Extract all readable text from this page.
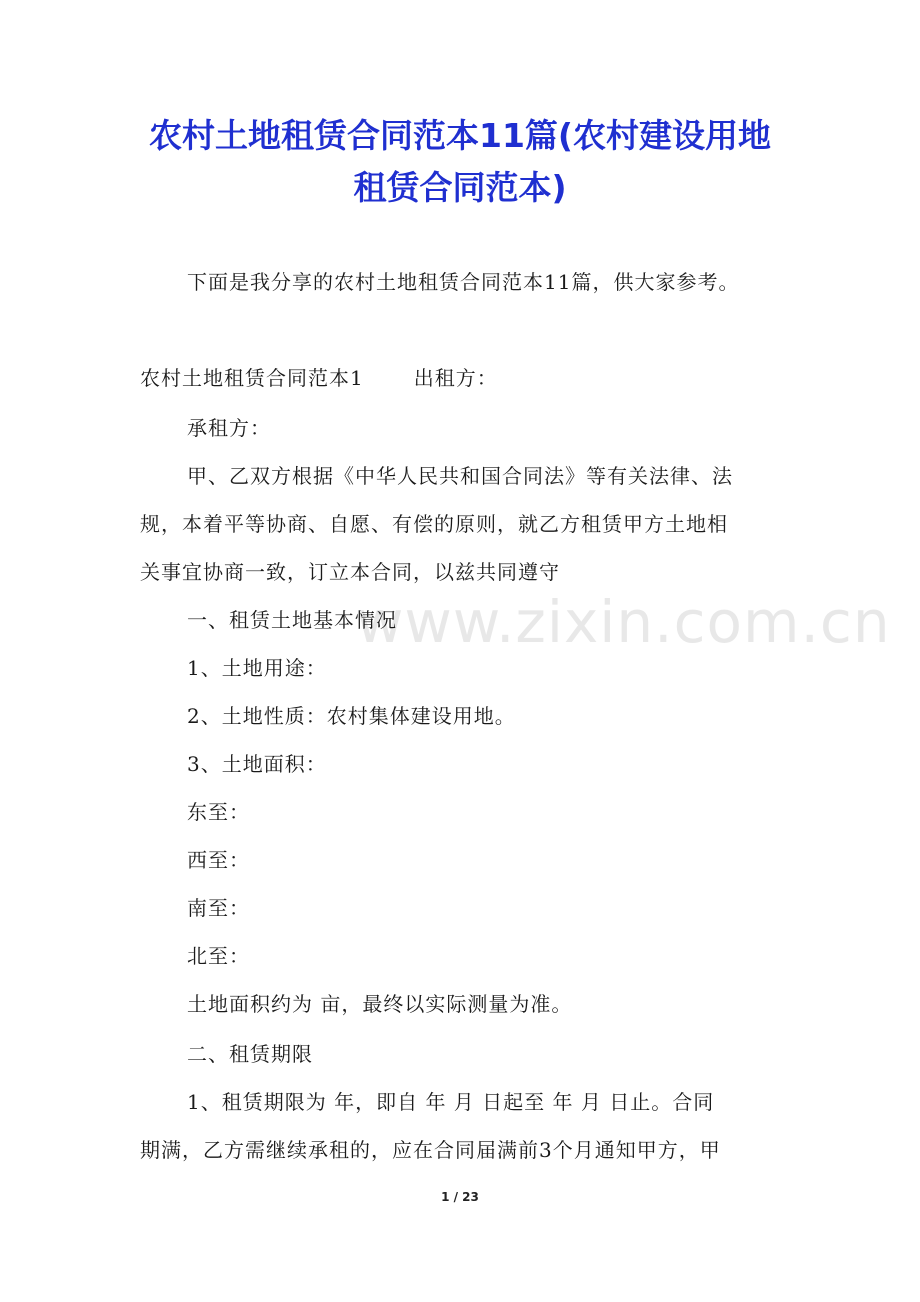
农村土地租赁合同范本11篇(农村建设用地
租赁合同范本)
www.zixin.com.cn
下面是我分享的农村土地租赁合同范本11篇，供大家参考。
农村土地租赁合同范本1	出租方：
承租方：
甲、乙双方根据《中华人民共和国合同法》等有关法律、法
规，本着平等协商、自愿、有偿的原则，就乙方租赁甲方土地相
关事宜协商一致，订立本合同，以兹共同遵守
一、租赁土地基本情况
1、土地用途：
2、土地性质：农村集体建设用地。
3、土地面积：
东至：
西至：
南至：
北至：
土地面积约为 亩，最终以实际测量为准。
二、租赁期限
1、租赁期限为 年，即自 年 月 日起至 年 月 日止。合同
期满，乙方需继续承租的，应在合同届满前3个月通知甲方，甲
1 / 23
